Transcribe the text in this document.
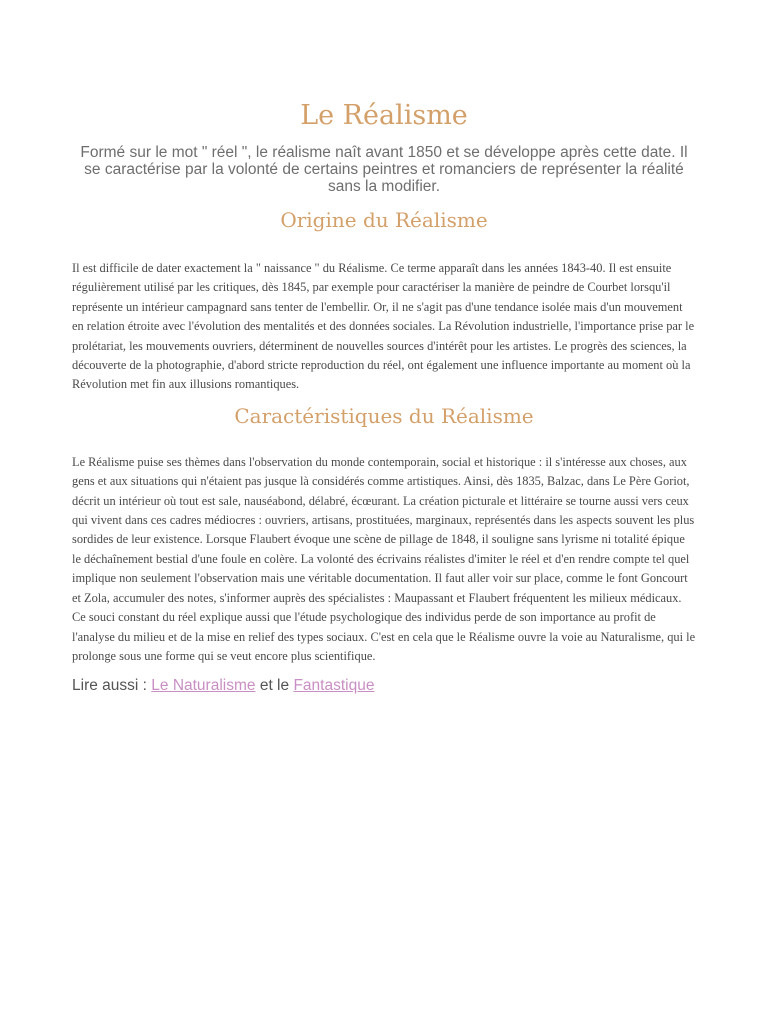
Le Réalisme

Formé sur le mot " réel ", le réalisme naît avant 1850 et se développe après cette date. Il se caractérise par la volonté de certains peintres et romanciers de représenter la réalité sans la modifier.

Origine du Réalisme

Il est difficile de dater exactement la " naissance " du Réalisme. Ce terme apparaît dans les années 1843-40. Il est ensuite régulièrement utilisé par les critiques, dès 1845, par exemple pour caractériser la manière de peindre de Courbet lorsqu'il représente un intérieur campagnard sans tenter de l'embellir. Or, il ne s'agit pas d'une tendance isolée mais d'un mouvement en relation étroite avec l'évolution des mentalités et des données sociales. La Révolution industrielle, l'importance prise par le prolétariat, les mouvements ouvriers, déterminent de nouvelles sources d'intérêt pour les artistes. Le progrès des sciences, la découverte de la photographie, d'abord stricte reproduction du réel, ont également une influence importante au moment où la Révolution met fin aux illusions romantiques.

Caractéristiques du Réalisme

Le Réalisme puise ses thèmes dans l'observation du monde contemporain, social et historique : il s'intéresse aux choses, aux gens et aux situations qui n'étaient pas jusque là considérés comme artistiques. Ainsi, dès 1835, Balzac, dans Le Père Goriot, décrit un intérieur où tout est sale, nauséabond, délabré, écœurant. La création picturale et littéraire se tourne aussi vers ceux qui vivent dans ces cadres médiocres : ouvriers, artisans, prostituées, marginaux, représentés dans les aspects souvent les plus sordides de leur existence. Lorsque Flaubert évoque une scène de pillage de 1848, il souligne sans lyrisme ni totalité épique le déchaînement bestial d'une foule en colère. La volonté des écrivains réalistes d'imiter le réel et d'en rendre compte tel quel implique non seulement l'observation mais une véritable documentation. Il faut aller voir sur place, comme le font Goncourt et Zola, accumuler des notes, s'informer auprès des spécialistes : Maupassant et Flaubert fréquentent les milieux médicaux. Ce souci constant du réel explique aussi que l'étude psychologique des individus perde de son importance au profit de l'analyse du milieu et de la mise en relief des types sociaux. C'est en cela que le Réalisme ouvre la voie au Naturalisme, qui le prolonge sous une forme qui se veut encore plus scientifique.

Lire aussi : Le Naturalisme et le Fantastique
